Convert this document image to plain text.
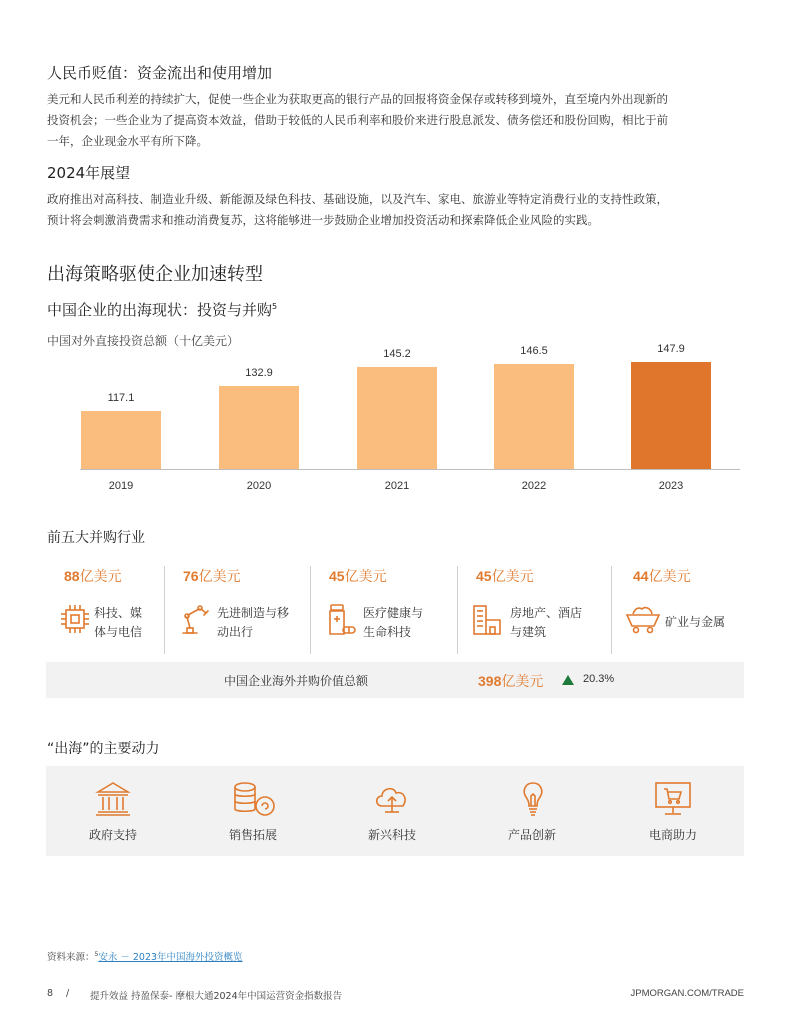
人民币贬值：资金流出和使用增加
美元和人民币利差的持续扩大，促使一些企业为获取更高的银行产品的回报将资金保存或转移到境外，直至境内外出现新的
投资机会；一些企业为了提高资本效益，借助于较低的人民币利率和股价来进行股息派发、债务偿还和股份回购，相比于前
一年，企业现金水平有所下降。
2024年展望
政府推出对高科技、制造业升级、新能源及绿色科技、基础设施，以及汽车、家电、旅游业等特定消费行业的支持性政策，
预计将会刺激消费需求和推动消费复苏，这将能够进一步鼓励企业增加投资活动和探索降低企业风险的实践。
出海策略驱使企业加速转型
中国企业的出海现状：投资与并购$^5$
中国对外直接投资总额（十亿美元）
117.1
2019
132.9
2020
145.2
2021
146.5
2022
147.9
2023
前五大并购行业
88亿美元
科技、媒
体与电信
76亿美元
先进制造与移
动出行
45亿美元
医疗健康与
生命科技
45亿美元
房地产、酒店
与建筑
44亿美元
矿业与金属
中国企业海外并购价值总额	398亿美元	20.3%
“出海”的主要动力
政府支持	销售拓展	新兴科技	产品创新	电商助力
资料来源：$^5$安永 － 2023年中国海外投资概览
8 / 提升效益 持盈保泰- 摩根大通2024年中国运营资金指数报告	JPMORGAN.COM/TRADE
